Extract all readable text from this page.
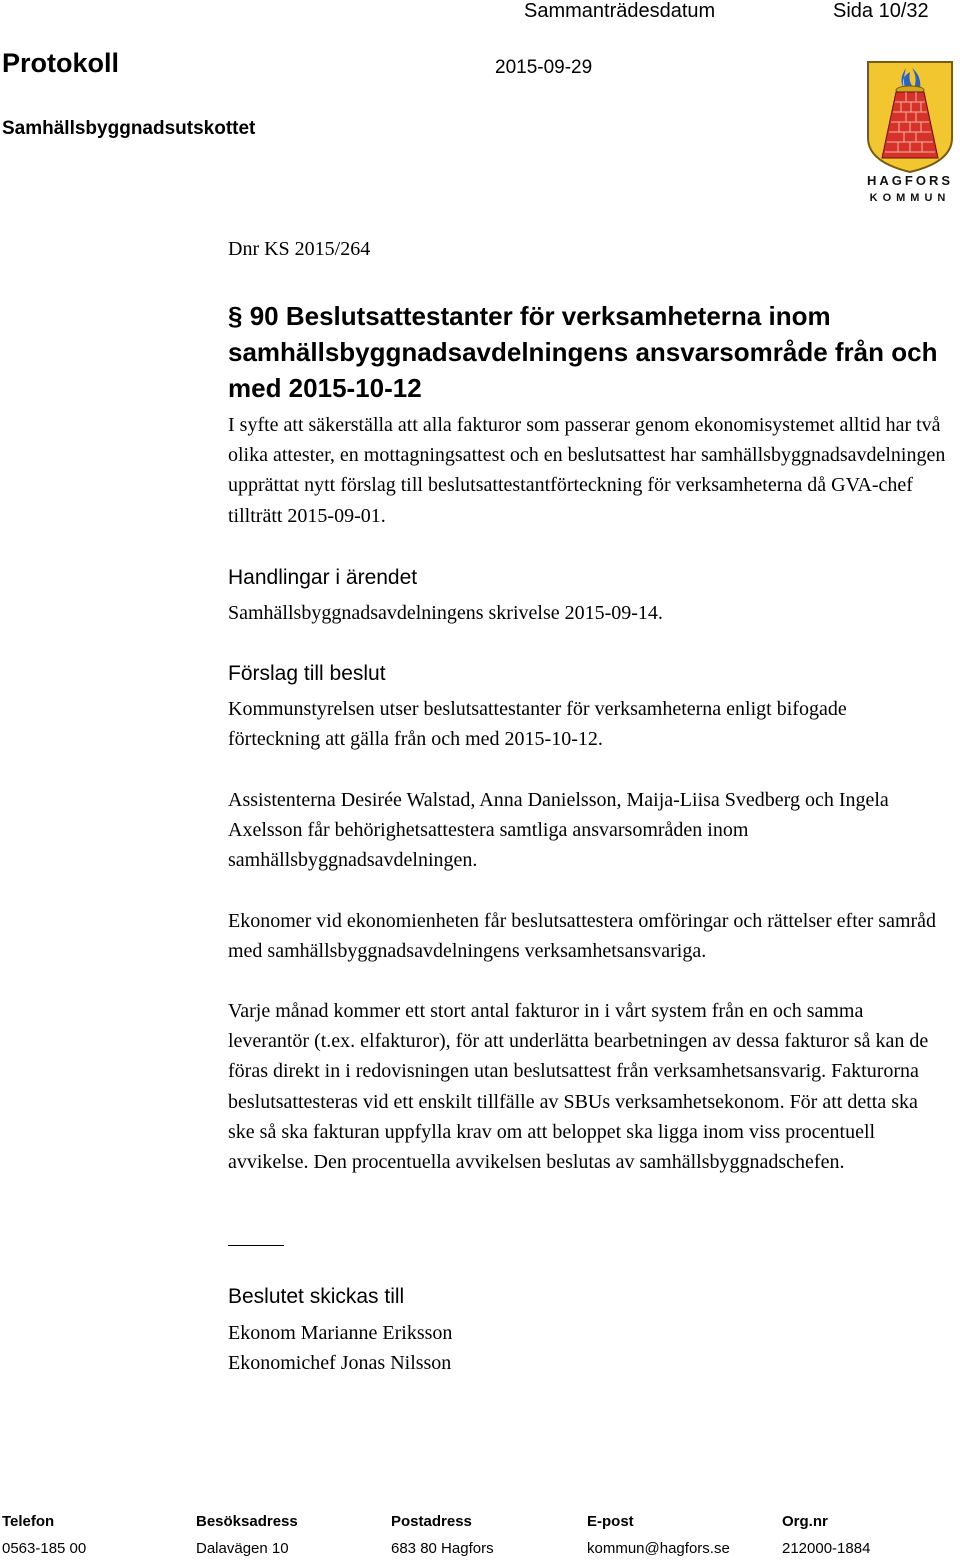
Sammanträdesdatum	Sida 10/32
Protokoll	2015-09-29
Samhällsbyggnadsutskottet
HAGFORS
KOMMUN
Dnr KS 2015/264
§ 90 Beslutsattestanter för verksamheterna inom samhällsbyggnadsavdelningens ansvarsområde från och med 2015-10-12

I syfte att säkerställa att alla fakturor som passerar genom ekonomisystemet alltid har två olika attester, en mottagningsattest och en beslutsattest har samhällsbyggnadsavdelningen upprättat nytt förslag till beslutsattestantförteckning för verksamheterna då GVA-chef tillträtt 2015-09-01.

Handlingar i ärendet

Samhällsbyggnadsavdelningens skrivelse 2015-09-14.

Förslag till beslut

Kommunstyrelsen utser beslutsattestanter för verksamheterna enligt bifogade förteckning att gälla från och med 2015-10-12.

Assistenterna Desirée Walstad, Anna Danielsson, Maija-Liisa Svedberg och Ingela Axelsson får behörighetsattestera samtliga ansvarsområden inom samhällsbyggnadsavdelningen.

Ekonomer vid ekonomienheten får beslutsattestera omföringar och rättelser efter samråd med samhällsbyggnadsavdelningens verksamhetsansvariga.

Varje månad kommer ett stort antal fakturor in i vårt system från en och samma leverantör (t.ex. elfakturor), för att underlätta bearbetningen av dessa fakturor så kan de föras direkt in i redovisningen utan beslutsattest från verksamhetsansvarig. Fakturorna beslutsattesteras vid ett enskilt tillfälle av SBUs verksamhetsekonom. För att detta ska ske så ska fakturan uppfylla krav om att beloppet ska ligga inom viss procentuell avvikelse. Den procentuella avvikelsen beslutas av samhällsbyggnadschefen.

Beslutet skickas till

Ekonom Marianne Eriksson

Ekonomichef Jonas Nilsson

Telefon
0563-185 00
Besöksadress
Dalavägen 10
Postadress
683 80 Hagfors
E-post
kommun@hagfors.se
Org.nr
212000-1884
